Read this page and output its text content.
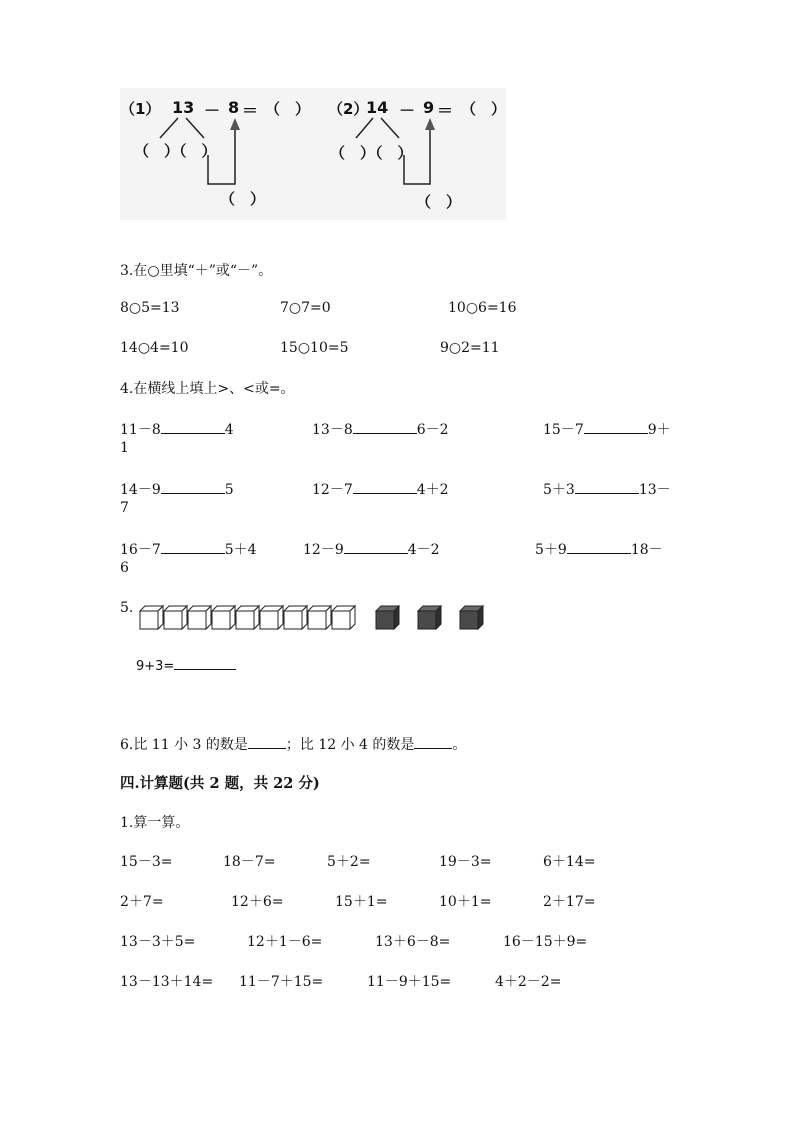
（1） 13 － 8 ＝ （　）
（　）（　）
（　）
（2）
14 － 9 ＝ （　）
（　）（　）
（　）
3.在○里填“＋”或“－”。
8○5=13	7○7=0	10○6=16
14○4=10	15○10=5	9○2=11
4.在横线上填上>、<或=。
11－8	4	13－8	6－2	15－7	9＋
1
14－9	5	12－7	4＋2	5＋3	13－
7
16－7	5＋4	12－9	4－2	5＋9	18－
6
5.
9+3=
6.比 11 小 3 的数是	；比 12 小 4 的数是	。
四.计算题(共 2 题，共 22 分)
1.算一算。
15－3=	18－7=	5＋2=	19－3=	6＋14=
2＋7=	12＋6=	15＋1=	10＋1=	2＋17=
13－3＋5=	12＋1－6=	13＋6－8=	16－15＋9=
13－13＋14= 11－7＋15=	11－9＋15=	4＋2－2=
